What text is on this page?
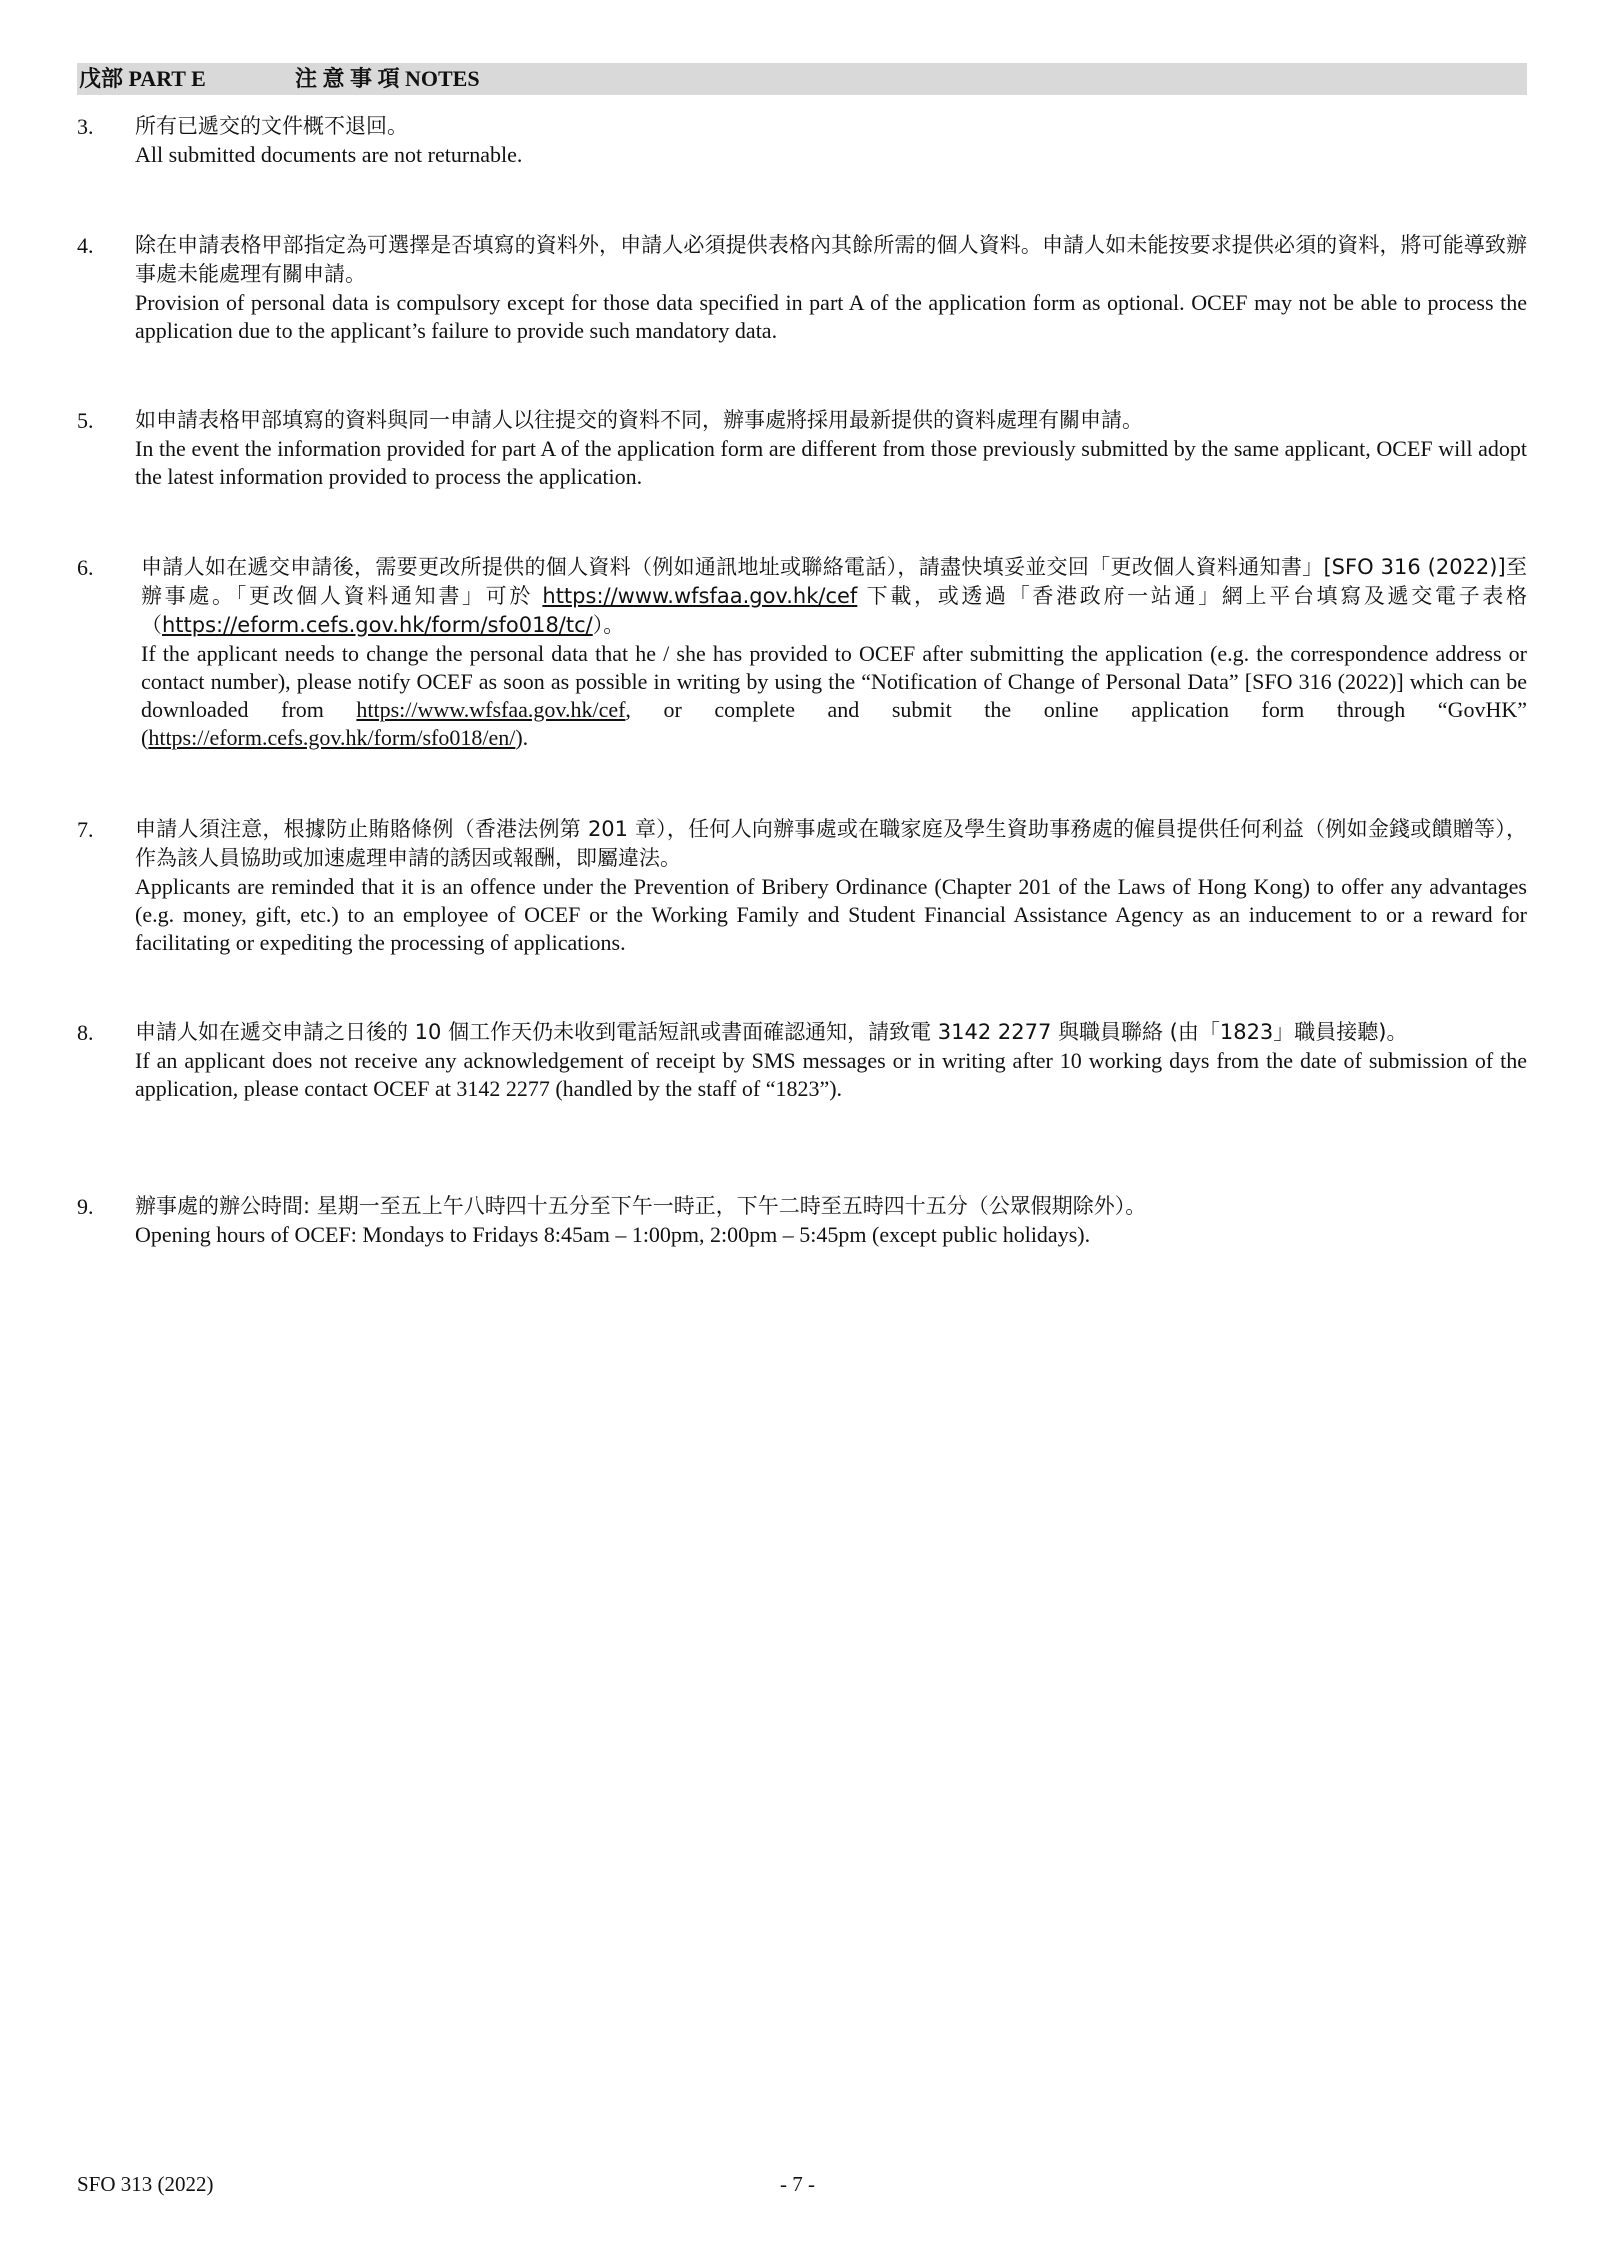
戊部 PART E	注 意 事 項 NOTES
3. 所有已遞交的文件概不退回。

All submitted documents are not returnable.

4. 除在申請表格甲部指定為可選擇是否填寫的資料外，申請人必須提供表格內其餘所需的個人資料。申請人如未能按要求提供必須的資料，將可能導致辦事處未能處理有關申請。

Provision of personal data is compulsory except for those data specified in part A of the application form as optional. OCEF may not be able to process the application due to the applicant’s failure to provide such mandatory data.

5. 如申請表格甲部填寫的資料與同一申請人以往提交的資料不同，辦事處將採用最新提供的資料處理有關申請。

In the event the information provided for part A of the application form are different from those previously submitted by the same applicant, OCEF will adopt the latest information provided to process the application.

6. 申請人如在遞交申請後，需要更改所提供的個人資料（例如通訊地址或聯絡電話），請盡快填妥並交回「更改個人資料通知書」[SFO 316 (2022)]至辦事處。「更改個人資料通知書」可於 https://www.wfsfaa.gov.hk/cef 下載，或透過「香港政府一站通」網上平台填寫及遞交電子表格（https://eform.cefs.gov.hk/form/sfo018/tc/）。

If the applicant needs to change the personal data that he / she has provided to OCEF after submitting the application (e.g. the correspondence address or contact number), please notify OCEF as soon as possible in writing by using the “Notification of Change of Personal Data” [SFO 316 (2022)] which can be downloaded from https://www.wfsfaa.gov.hk/cef, or complete and submit the online application form through “GovHK” (https://eform.cefs.gov.hk/form/sfo018/en/).

7. 申請人須注意，根據防止賄賂條例（香港法例第 201 章），任何人向辦事處或在職家庭及學生資助事務處的僱員提供任何利益（例如金錢或饋贈等），作為該人員協助或加速處理申請的誘因或報酬，即屬違法。

Applicants are reminded that it is an offence under the Prevention of Bribery Ordinance (Chapter 201 of the Laws of Hong Kong) to offer any advantages (e.g. money, gift, etc.) to an employee of OCEF or the Working Family and Student Financial Assistance Agency as an inducement to or a reward for facilitating or expediting the processing of applications.

8. 申請人如在遞交申請之日後的 10 個工作天仍未收到電話短訊或書面確認通知，請致電 3142 2277 與職員聯絡 (由「1823」職員接聽)。

If an applicant does not receive any acknowledgement of receipt by SMS messages or in writing after 10 working days from the date of submission of the application, please contact OCEF at 3142 2277 (handled by the staff of “1823”).

9. 辦事處的辦公時間: 星期一至五上午八時四十五分至下午一時正，下午二時至五時四十五分（公眾假期除外）。

Opening hours of OCEF: Mondays to Fridays 8:45am – 1:00pm, 2:00pm – 5:45pm (except public holidays).

SFO 313 (2022)	- 7 -
